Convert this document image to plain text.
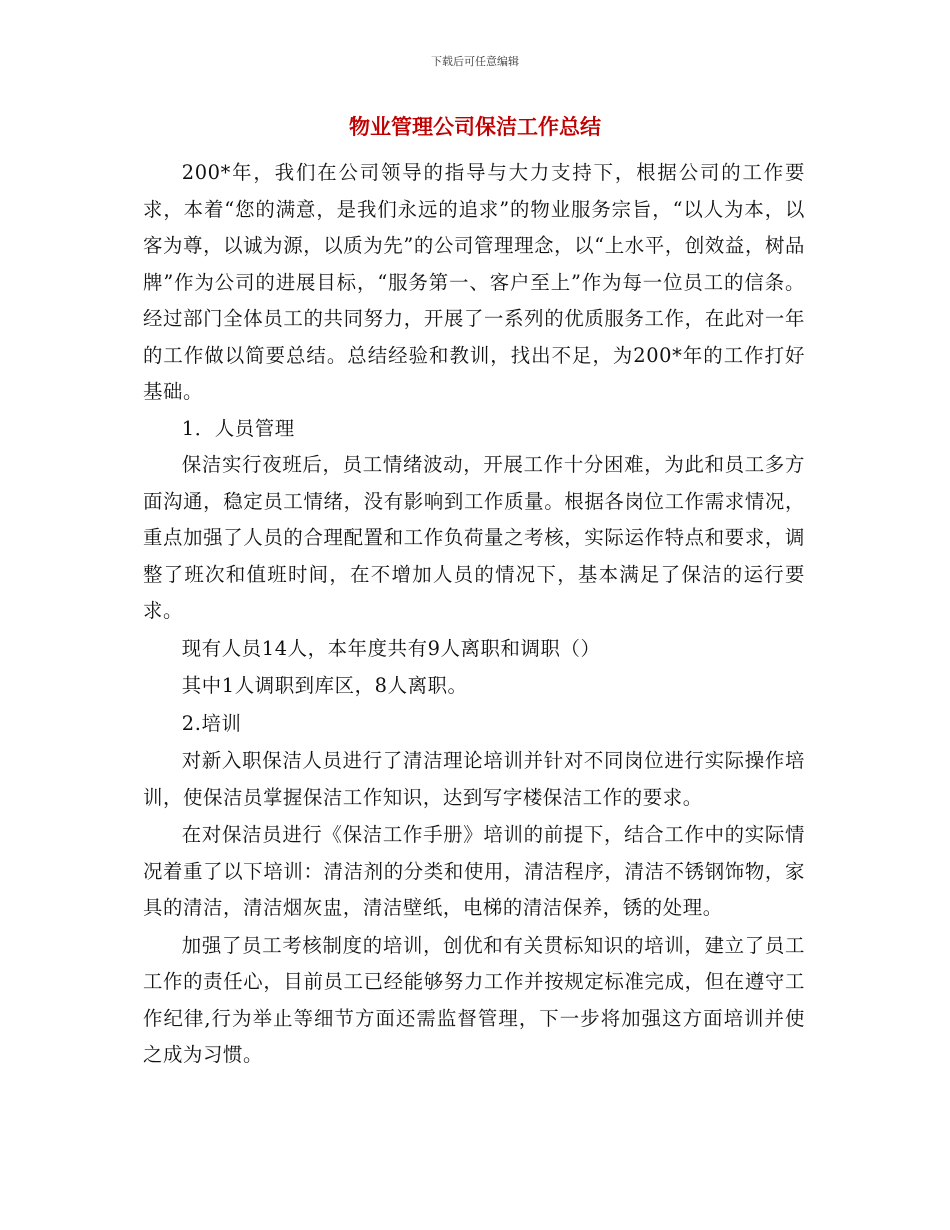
下载后可任意编辑
物业管理公司保洁工作总结

200*年，我们在公司领导的指导与大力支持下，根据公司的工作要求，本着“您的满意，是我们永远的追求”的物业服务宗旨，“以人为本，以客为尊，以诚为源，以质为先”的公司管理理念，以“上水平，创效益，树品牌”作为公司的进展目标，“服务第一、客户至上”作为每一位员工的信条。经过部门全体员工的共同努力，开展了一系列的优质服务工作，在此对一年的工作做以简要总结。总结经验和教训，找出不足，为200*年的工作打好基础。

1．人员管理

保洁实行夜班后，员工情绪波动，开展工作十分困难，为此和员工多方面沟通，稳定员工情绪，没有影响到工作质量。根据各岗位工作需求情况，重点加强了人员的合理配置和工作负荷量之考核，实际运作特点和要求，调整了班次和值班时间，在不增加人员的情况下，基本满足了保洁的运行要求。

现有人员14人，本年度共有9人离职和调职（）

其中1人调职到库区，8人离职。

2.培训

对新入职保洁人员进行了清洁理论培训并针对不同岗位进行实际操作培训，使保洁员掌握保洁工作知识，达到写字楼保洁工作的要求。

在对保洁员进行《保洁工作手册》培训的前提下，结合工作中的实际情况着重了以下培训：清洁剂的分类和使用，清洁程序，清洁不锈钢饰物，家具的清洁，清洁烟灰盅，清洁壁纸，电梯的清洁保养，锈的处理。

加强了员工考核制度的培训，创优和有关贯标知识的培训，建立了员工工作的责任心，目前员工已经能够努力工作并按规定标准完成，但在遵守工作纪律,行为举止等细节方面还需监督管理，下一步将加强这方面培训并使之成为习惯。
